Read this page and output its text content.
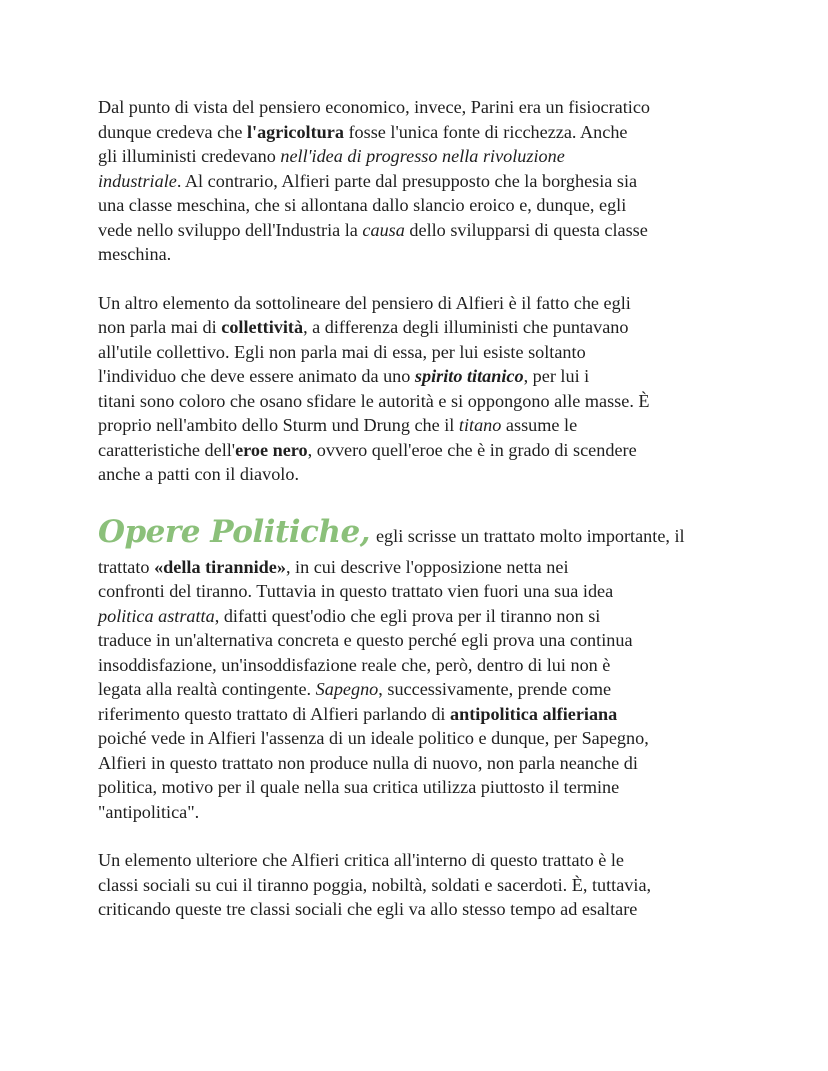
Dal punto di vista del pensiero economico, invece, Parini era un fisiocratico
dunque credeva che l'agricoltura fosse l'unica fonte di ricchezza. Anche
gli illuministi credevano nell'idea di progresso nella rivoluzione
industriale. Al contrario, Alfieri parte dal presupposto che la borghesia sia
una classe meschina, che si allontana dallo slancio eroico e, dunque, egli
vede nello sviluppo dell'Industria la causa dello svilupparsi di questa classe
meschina.

Un altro elemento da sottolineare del pensiero di Alfieri è il fatto che egli
non parla mai di collettività, a differenza degli illuministi che puntavano
all'utile collettivo. Egli non parla mai di essa, per lui esiste soltanto
l'individuo che deve essere animato da uno spirito titanico, per lui i
titani sono coloro che osano sfidare le autorità e si oppongono alle masse. È
proprio nell'ambito dello Sturm und Drung che il titano assume le
caratteristiche dell'eroe nero, ovvero quell'eroe che è in grado di scendere
anche a patti con il diavolo.

Opere Politiche, egli scrisse un trattato molto importante, il
trattato «della tirannide», in cui descrive l'opposizione netta nei
confronti del tiranno. Tuttavia in questo trattato vien fuori una sua idea
politica astratta, difatti quest'odio che egli prova per il tiranno non si
traduce in un'alternativa concreta e questo perché egli prova una continua
insoddisfazione, un'insoddisfazione reale che, però, dentro di lui non è
legata alla realtà contingente. Sapegno, successivamente, prende come
riferimento questo trattato di Alfieri parlando di antipolitica alfieriana
poiché vede in Alfieri l'assenza di un ideale politico e dunque, per Sapegno,
Alfieri in questo trattato non produce nulla di nuovo, non parla neanche di
politica, motivo per il quale nella sua critica utilizza piuttosto il termine
"antipolitica".

Un elemento ulteriore che Alfieri critica all'interno di questo trattato è le
classi sociali su cui il tiranno poggia, nobiltà, soldati e sacerdoti. È, tuttavia,
criticando queste tre classi sociali che egli va allo stesso tempo ad esaltare
